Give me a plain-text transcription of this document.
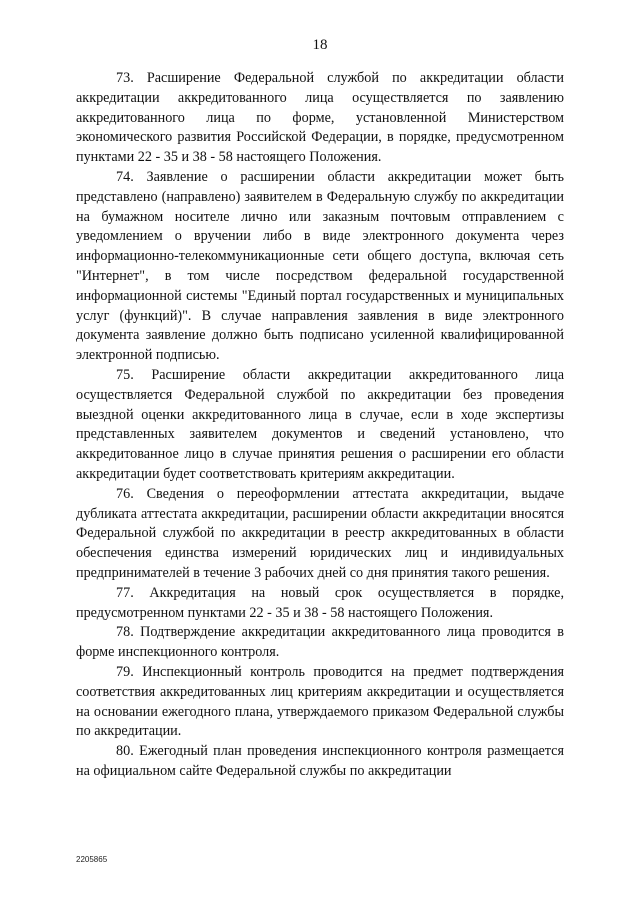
18

73. Расширение Федеральной службой по аккредитации области аккредитации аккредитованного лица осуществляется по заявлению аккредитованного лица по форме, установленной Министерством экономического развития Российской Федерации, в порядке, предусмотренном пунктами 22 - 35 и 38 - 58 настоящего Положения.

74. Заявление о расширении области аккредитации может быть представлено (направлено) заявителем в Федеральную службу по аккредитации на бумажном носителе лично или заказным почтовым отправлением с уведомлением о вручении либо в виде электронного документа через информационно-телекоммуникационные сети общего доступа, включая сеть "Интернет", в том числе посредством федеральной государственной информационной системы "Единый портал государственных и муниципальных услуг (функций)". В случае направления заявления в виде электронного документа заявление должно быть подписано усиленной квалифицированной электронной подписью.

75. Расширение области аккредитации аккредитованного лица осуществляется Федеральной службой по аккредитации без проведения выездной оценки аккредитованного лица в случае, если в ходе экспертизы представленных заявителем документов и сведений установлено, что аккредитованное лицо в случае принятия решения о расширении его области аккредитации будет соответствовать критериям аккредитации.

76. Сведения о переоформлении аттестата аккредитации, выдаче дубликата аттестата аккредитации, расширении области аккредитации вносятся Федеральной службой по аккредитации в реестр аккредитованных в области обеспечения единства измерений юридических лиц и индивидуальных предпринимателей в течение 3 рабочих дней со дня принятия такого решения.

77. Аккредитация на новый срок осуществляется в порядке, предусмотренном пунктами 22 - 35 и 38 - 58 настоящего Положения.

78. Подтверждение аккредитации аккредитованного лица проводится в форме инспекционного контроля.

79. Инспекционный контроль проводится на предмет подтверждения соответствия аккредитованных лиц критериям аккредитации и осуществляется на основании ежегодного плана, утверждаемого приказом Федеральной службы по аккредитации.

80. Ежегодный план проведения инспекционного контроля размещается на официальном сайте Федеральной службы по аккредитации

2205865
